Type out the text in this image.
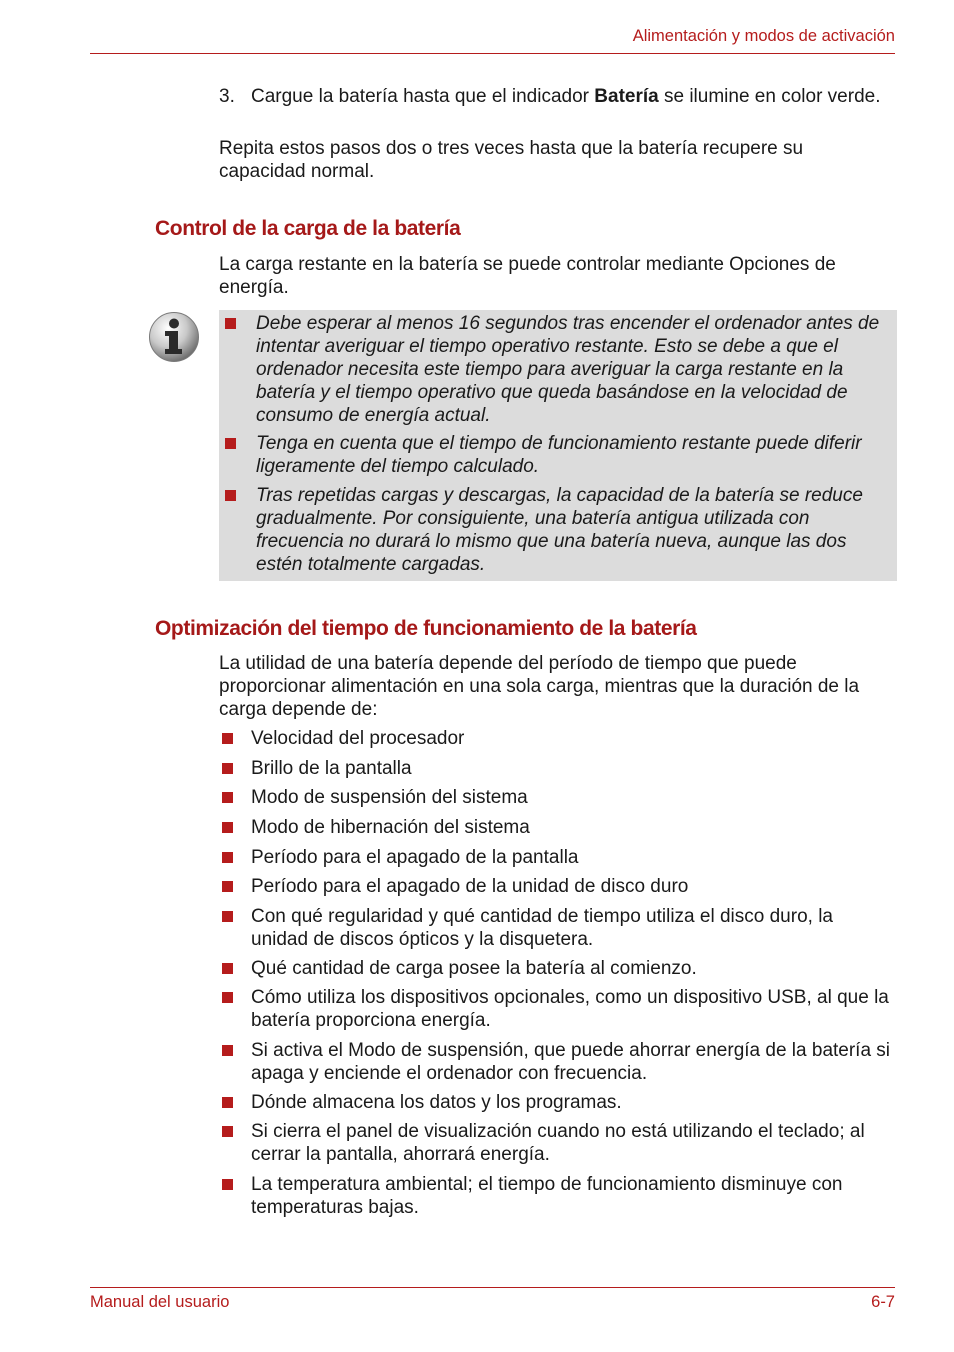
Alimentación y modos de activación
3. Cargue la batería hasta que el indicador Batería se ilumine en color verde.
Repita estos pasos dos o tres veces hasta que la batería recupere su capacidad normal.
Control de la carga de la batería
La carga restante en la batería se puede controlar mediante Opciones de energía.
Debe esperar al menos 16 segundos tras encender el ordenador antes de intentar averiguar el tiempo operativo restante. Esto se debe a que el ordenador necesita este tiempo para averiguar la carga restante en la batería y el tiempo operativo que queda basándose en la velocidad de consumo de energía actual.
Tenga en cuenta que el tiempo de funcionamiento restante puede diferir ligeramente del tiempo calculado.
Tras repetidas cargas y descargas, la capacidad de la batería se reduce gradualmente. Por consiguiente, una batería antigua utilizada con frecuencia no durará lo mismo que una batería nueva, aunque las dos estén totalmente cargadas.
Optimización del tiempo de funcionamiento de la batería
La utilidad de una batería depende del período de tiempo que puede proporcionar alimentación en una sola carga, mientras que la duración de la carga depende de:
Velocidad del procesador
Brillo de la pantalla
Modo de suspensión del sistema
Modo de hibernación del sistema
Período para el apagado de la pantalla
Período para el apagado de la unidad de disco duro
Con qué regularidad y qué cantidad de tiempo utiliza el disco duro, la unidad de discos ópticos y la disquetera.
Qué cantidad de carga posee la batería al comienzo.
Cómo utiliza los dispositivos opcionales, como un dispositivo USB, al que la batería proporciona energía.
Si activa el Modo de suspensión, que puede ahorrar energía de la batería si apaga y enciende el ordenador con frecuencia.
Dónde almacena los datos y los programas.
Si cierra el panel de visualización cuando no está utilizando el teclado; al cerrar la pantalla, ahorrará energía.
La temperatura ambiental; el tiempo de funcionamiento disminuye con temperaturas bajas.
Manual del usuario	6-7
